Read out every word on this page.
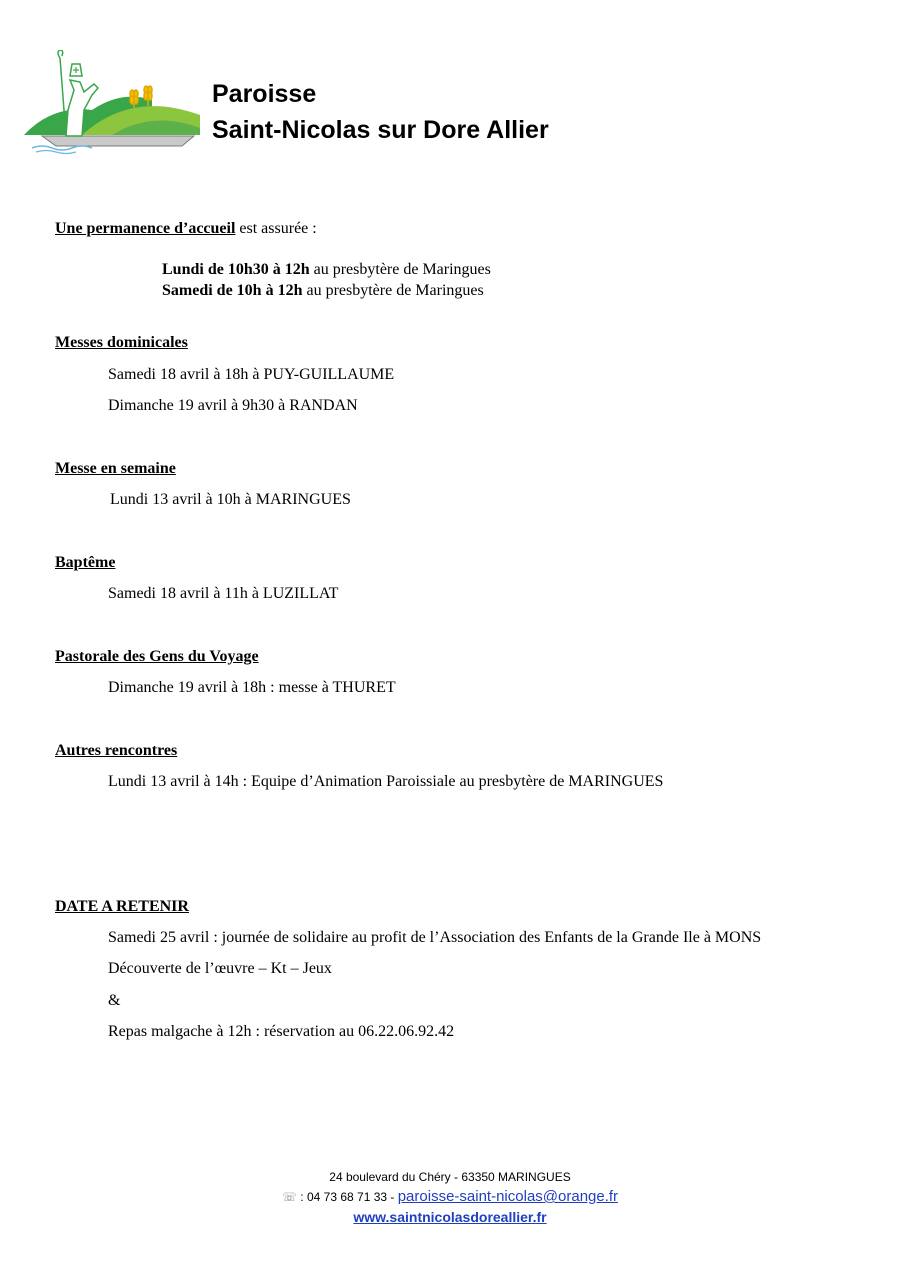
Paroisse
Saint-Nicolas sur Dore Allier
Une permanence d’accueil est assurée :
Lundi de 10h30 à 12h au presbytère de Maringues
Samedi de 10h à 12h au presbytère de Maringues
Messes dominicales
Samedi 18 avril à 18h à PUY-GUILLAUME
Dimanche 19 avril à 9h30 à RANDAN
Messe en semaine
Lundi 13 avril à 10h à MARINGUES
Baptême
Samedi 18 avril à 11h à LUZILLAT
Pastorale des Gens du Voyage
Dimanche 19 avril à 18h : messe à THURET
Autres rencontres
Lundi 13 avril à 14h : Equipe d’Animation Paroissiale au presbytère de MARINGUES
DATE A RETENIR
Samedi 25 avril : journée de solidaire au profit de l’Association des Enfants de la Grande Ile à MONS
Découverte de l’œuvre – Kt – Jeux
&
Repas malgache à 12h : réservation au 06.22.06.92.42
24 boulevard du Chéry - 63350 MARINGUES
☏ : 04 73 68 71 33 - paroisse-saint-nicolas@orange.fr
www.saintnicolasdoreallier.fr
